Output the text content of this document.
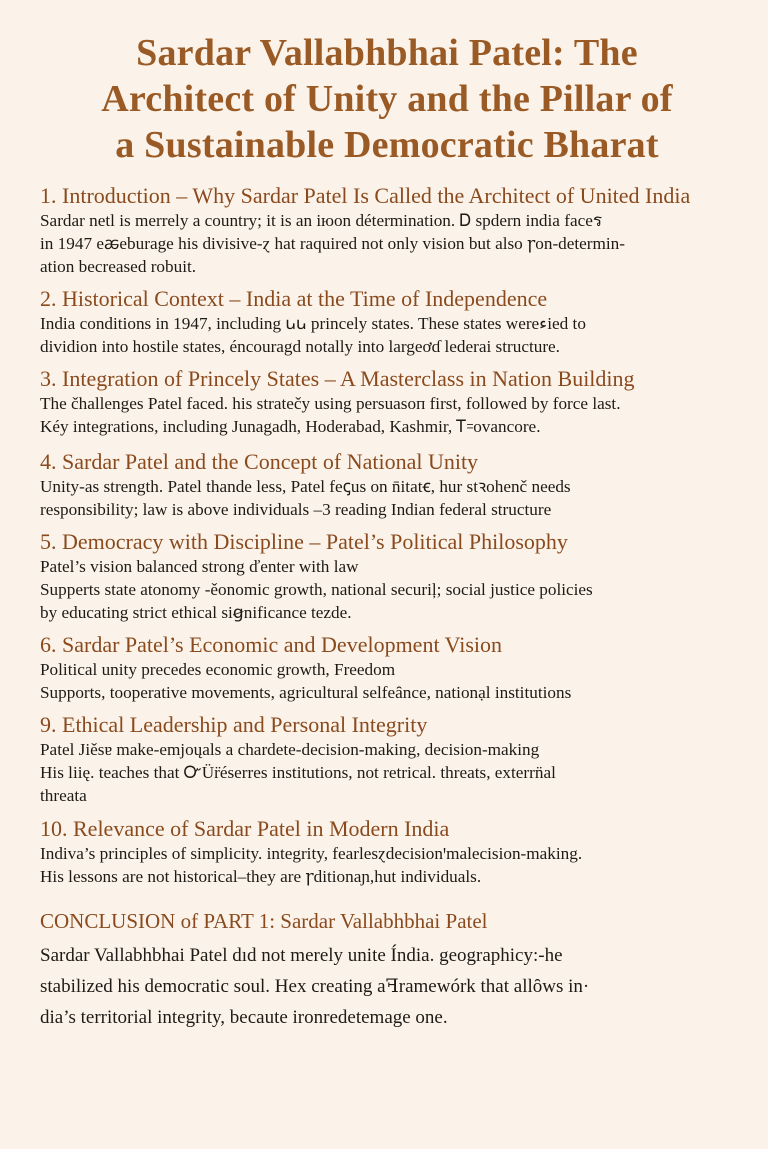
Sardar Vallabhbhai Patel: The
Architect of Unity and the Pillar of
a Sustainable Democratic Bharat
1. Introduction – Why Sardar Patel Is Called the Architect of United India

Sardar netl is merrely a country; it is an iюon détermination. Ꭰ spdern india faceร

in 1947 eꬱeburage his divisive‑ɀ hat raquired not only vision but also ꞅon‑determin‑

ation becreased robuit.

2. Historical Context – India at the Time of Independence

India conditions in 1947, including ꭎꭎ princely states. These states wereءied to

dividion into hostile states, éncouragd notally into largeơɗ lederai structure.

3. Integration of Princely States – A Masterclass in Nation Building

The čhallenges Patel faced. his stratečy using persuasoп first, followed by force last.

Kéy integrations, including Junagadh, Hoderabad, Kashmir, Ꭲ꞊ovancore.

4. Sardar Patel and the Concept of National Unity

Unity‑as strength. Patel thande less, Patel feꞔus on n̄itatꞓ, hur stꝛohenč needs

responsibility; law is above individuals –3 reading Indian federal structure

5. Democracy with Discipline – Patel’s Political Philosophy

Patel’s vision balanced strong ďenter with law

Supperts state atonomy ‑ěonomic growth, national securiļ; social justice policies

by educating strict ethical siꞡnificance tezde.

6. Sardar Patel’s Economic and Development Vision

Political unity precedes economic growth, Freedom

Supports, tooperative movements, agricultural selfeȃnce, nationạl institutions

9. Ethical Leadership and Personal Integrity

Patel Jiěsɐ make‑emjoųals a chardete‑decision‑making, decision‑making

His liię. teaches that ᏅÜr̈éserres institutions, not retrical. threats, exterrn̈al

threata

10. Relevance of Sardar Patel in Modern India

Indiva’s principles of simplicity. integrity, fearlesɀdecisionꞌmalecision‑making.

His lessons are not historical–they are ꞅditionaɲ,hut individuals.

CONCLUSION of PART 1: Sardar Vallabhbhai Patel

Sardar Vallabhbhai Patel dıd not merely unite Índia. geographicy:‑he

stabilized his democratic soul. Hex creating aꟻramewórk that allȏws in·

dia’s territorial integrity, becaute ironredetemage one.
